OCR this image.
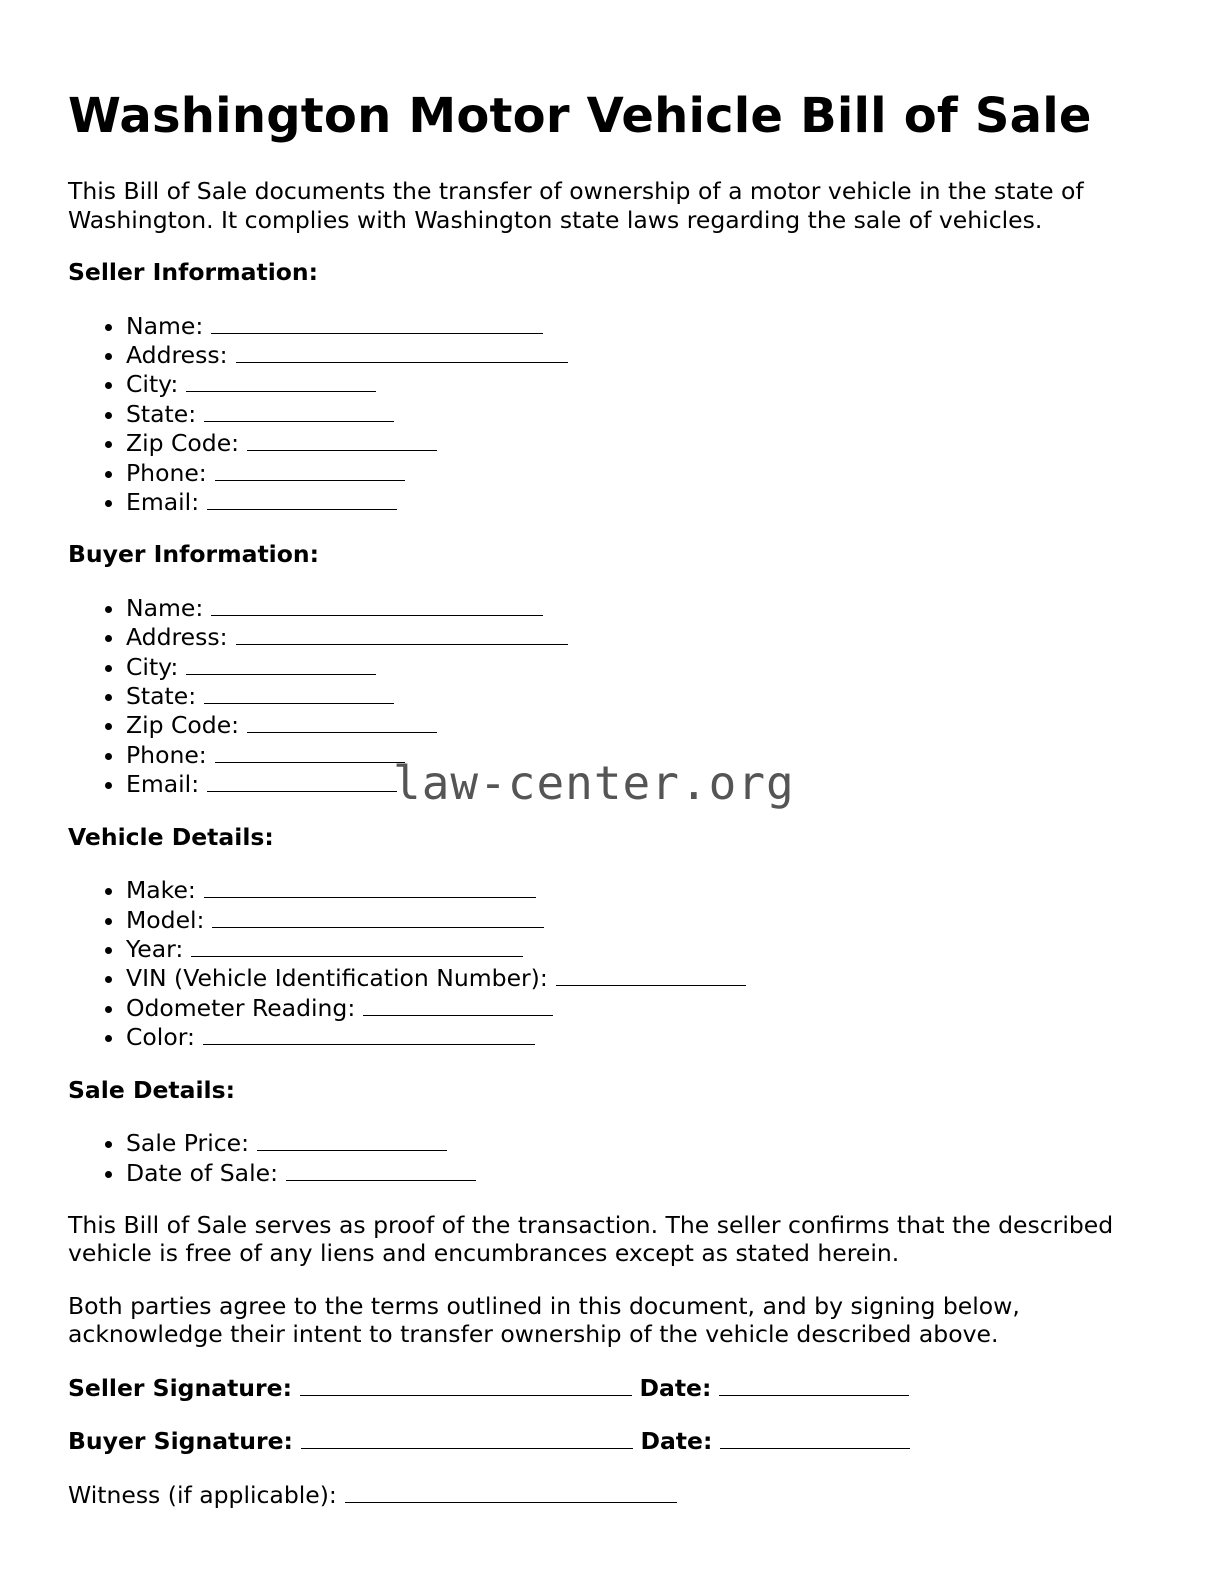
Washington Motor Vehicle Bill of Sale

This Bill of Sale documents the transfer of ownership of a motor vehicle in the state of Washington. It complies with Washington state laws regarding the sale of vehicles.

Seller Information:
• Name:
• Address:
• City:
• State:
• Zip Code:
• Phone:
• Email:
Buyer Information:
• Name:
• Address:
• City:
• State:
• Zip Code:
• Phone:
• Email:
Vehicle Details:
• Make:
• Model:
• Year:
• VIN (Vehicle Identification Number):
• Odometer Reading:
• Color:
Sale Details:
• Sale Price:
• Date of Sale:

This Bill of Sale serves as proof of the transaction. The seller confirms that the described vehicle is free of any liens and encumbrances except as stated herein.

Both parties agree to the terms outlined in this document, and by signing below, acknowledge their intent to transfer ownership of the vehicle described above.

Seller Signature:	Date:
Buyer Signature:	Date:
Witness (if applicable):
law-center.org
